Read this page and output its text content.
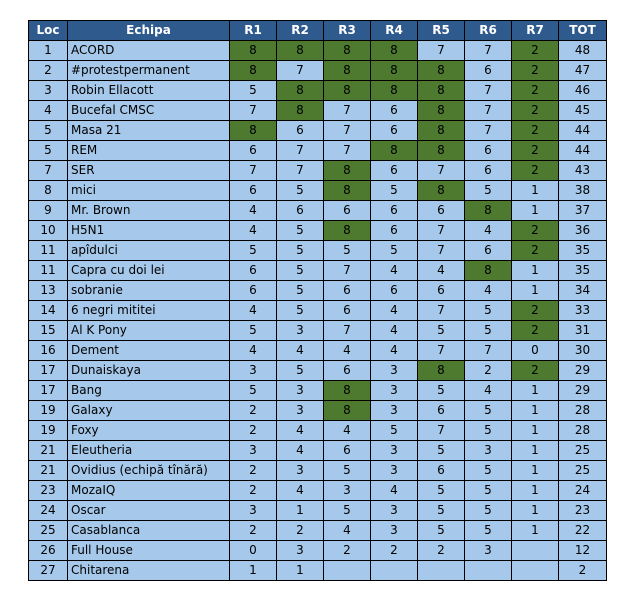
Loc	Echipa	R1	R2	R3	R4	R5	R6	R7	TOT
1	ACORD	8	8	8	8	7	7	2	48
2	#protestpermanent	8	7	8	8	8	6	2	47
3	Robin Ellacott	5	8	8	8	8	7	2	46
4	Bucefal CMSC	7	8	7	6	8	7	2	45
5	Masa 21	8	6	7	6	8	7	2	44
5	REM	6	7	7	8	8	6	2	44
7	SER	7	7	8	6	7	6	2	43
8	mici	6	5	8	5	8	5	1	38
9	Mr. Brown	4	6	6	6	6	8	1	37
10	H5N1	4	5	8	6	7	4	2	36
11	apîdulci	5	5	5	5	7	6	2	35
11	Capra cu doi lei	6	5	7	4	4	8	1	35
13	sobranie	6	5	6	6	6	4	1	34
14	6 negri mititei	4	5	6	4	7	5	2	33
15	Al K Pony	5	3	7	4	5	5	2	31
16	Dement	4	4	4	4	7	7	0	30
17	Dunaiskaya	3	5	6	3	8	2	2	29
17	Bang	5	3	8	3	5	4	1	29
19	Galaxy	2	3	8	3	6	5	1	28
19	Foxy	2	4	4	5	7	5	1	28
21	Eleutheria	3	4	6	3	5	3	1	25
21	Ovidius (echipă tînără)	2	3	5	3	6	5	1	25
23	MozaIQ	2	4	3	4	5	5	1	24
24	Oscar	3	1	5	3	5	5	1	23
25	Casablanca	2	2	4	3	5	5	1	22
26	Full House	0	3	2	2	2	3		12
27	Chitarena	1	1						2
